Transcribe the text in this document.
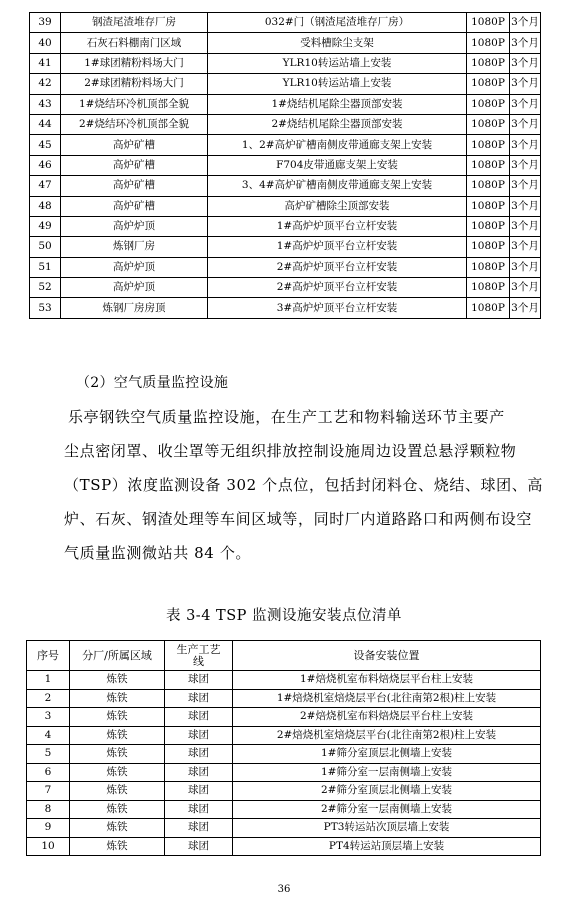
39	钢渣尾渣堆存厂房	032#门（钢渣尾渣堆存厂房）	1080P	3个月
40	石灰石料棚南门区域	受料槽除尘支架	1080P	3个月
41	1#球团精粉料场大门	YLR10转运站墙上安装	1080P	3个月
42	2#球团精粉料场大门	YLR10转运站墙上安装	1080P	3个月
43	1#烧结环冷机顶部全貌	1#烧结机尾除尘器顶部安装	1080P	3个月
44	2#烧结环冷机顶部全貌	2#烧结机尾除尘器顶部安装	1080P	3个月
45	高炉矿槽	1、2#高炉矿槽南侧皮带通廊支架上安装	1080P	3个月
46	高炉矿槽	F704皮带通廊支架上安装	1080P	3个月
47	高炉矿槽	3、4#高炉矿槽南侧皮带通廊支架上安装	1080P	3个月
48	高炉矿槽	高炉矿槽除尘顶部安装	1080P	3个月
49	高炉炉顶	1#高炉炉顶平台立杆安装	1080P	3个月
50	炼钢厂房	1#高炉炉顶平台立杆安装	1080P	3个月
51	高炉炉顶	2#高炉炉顶平台立杆安装	1080P	3个月
52	高炉炉顶	2#高炉炉顶平台立杆安装	1080P	3个月
53	炼钢厂房房顶	3#高炉炉顶平台立杆安装	1080P	3个月
（2）空气质量监控设施
乐亭钢铁空气质量监控设施，在生产工艺和物料输送环节主要产
尘点密闭罩、收尘罩等无组织排放控制设施周边设置总悬浮颗粒物
（TSP）浓度监测设备 302 个点位，包括封闭料仓、烧结、球团、高
炉、石灰、钢渣处理等车间区域等，同时厂内道路路口和两侧布设空
气质量监测微站共 84 个。
表 3-4 TSP 监测设施安装点位清单
序号	分厂/所属区域	生产工艺线	设备安装位置
1	炼铁	球团	1#焙烧机室布料焙烧层平台柱上安装
2	炼铁	球团	1#焙烧机室焙烧层平台(北往南第2根)柱上安装
3	炼铁	球团	2#焙烧机室布料焙烧层平台柱上安装
4	炼铁	球团	2#焙烧机室焙烧层平台(北往南第2根)柱上安装
5	炼铁	球团	1#筛分室顶层北侧墙上安装
6	炼铁	球团	1#筛分室一层南侧墙上安装
7	炼铁	球团	2#筛分室顶层北侧墙上安装
8	炼铁	球团	2#筛分室一层南侧墙上安装
9	炼铁	球团	PT3转运站次顶层墙上安装
10	炼铁	球团	PT4转运站顶层墙上安装
36
